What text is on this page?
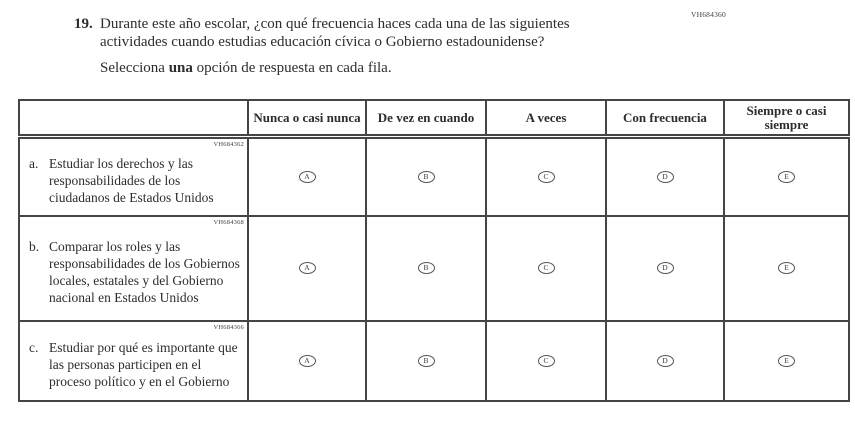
VH684360
19. Durante este año escolar, ¿con qué frecuencia haces cada una de las siguientes actividades cuando estudias educación cívica o Gobierno estadounidense?
Selecciona una opción de respuesta en cada fila.
	Nunca o casi nunca	De vez en cuando	A veces	Con frecuencia	Siempre o casi siempre

VH684362
a. Estudiar los derechos y las responsabilidades de los ciudadanos de Estados Unidos	A	B	C	D	E

VH684368
b. Comparar los roles y las responsabilidades de los Gobiernos locales, estatales y del Gobierno nacional en Estados Unidos	A	B	C	D	E

VH684366
c. Estudiar por qué es importante que las personas participen en el proceso político y en el Gobierno	A	B	C	D	E
